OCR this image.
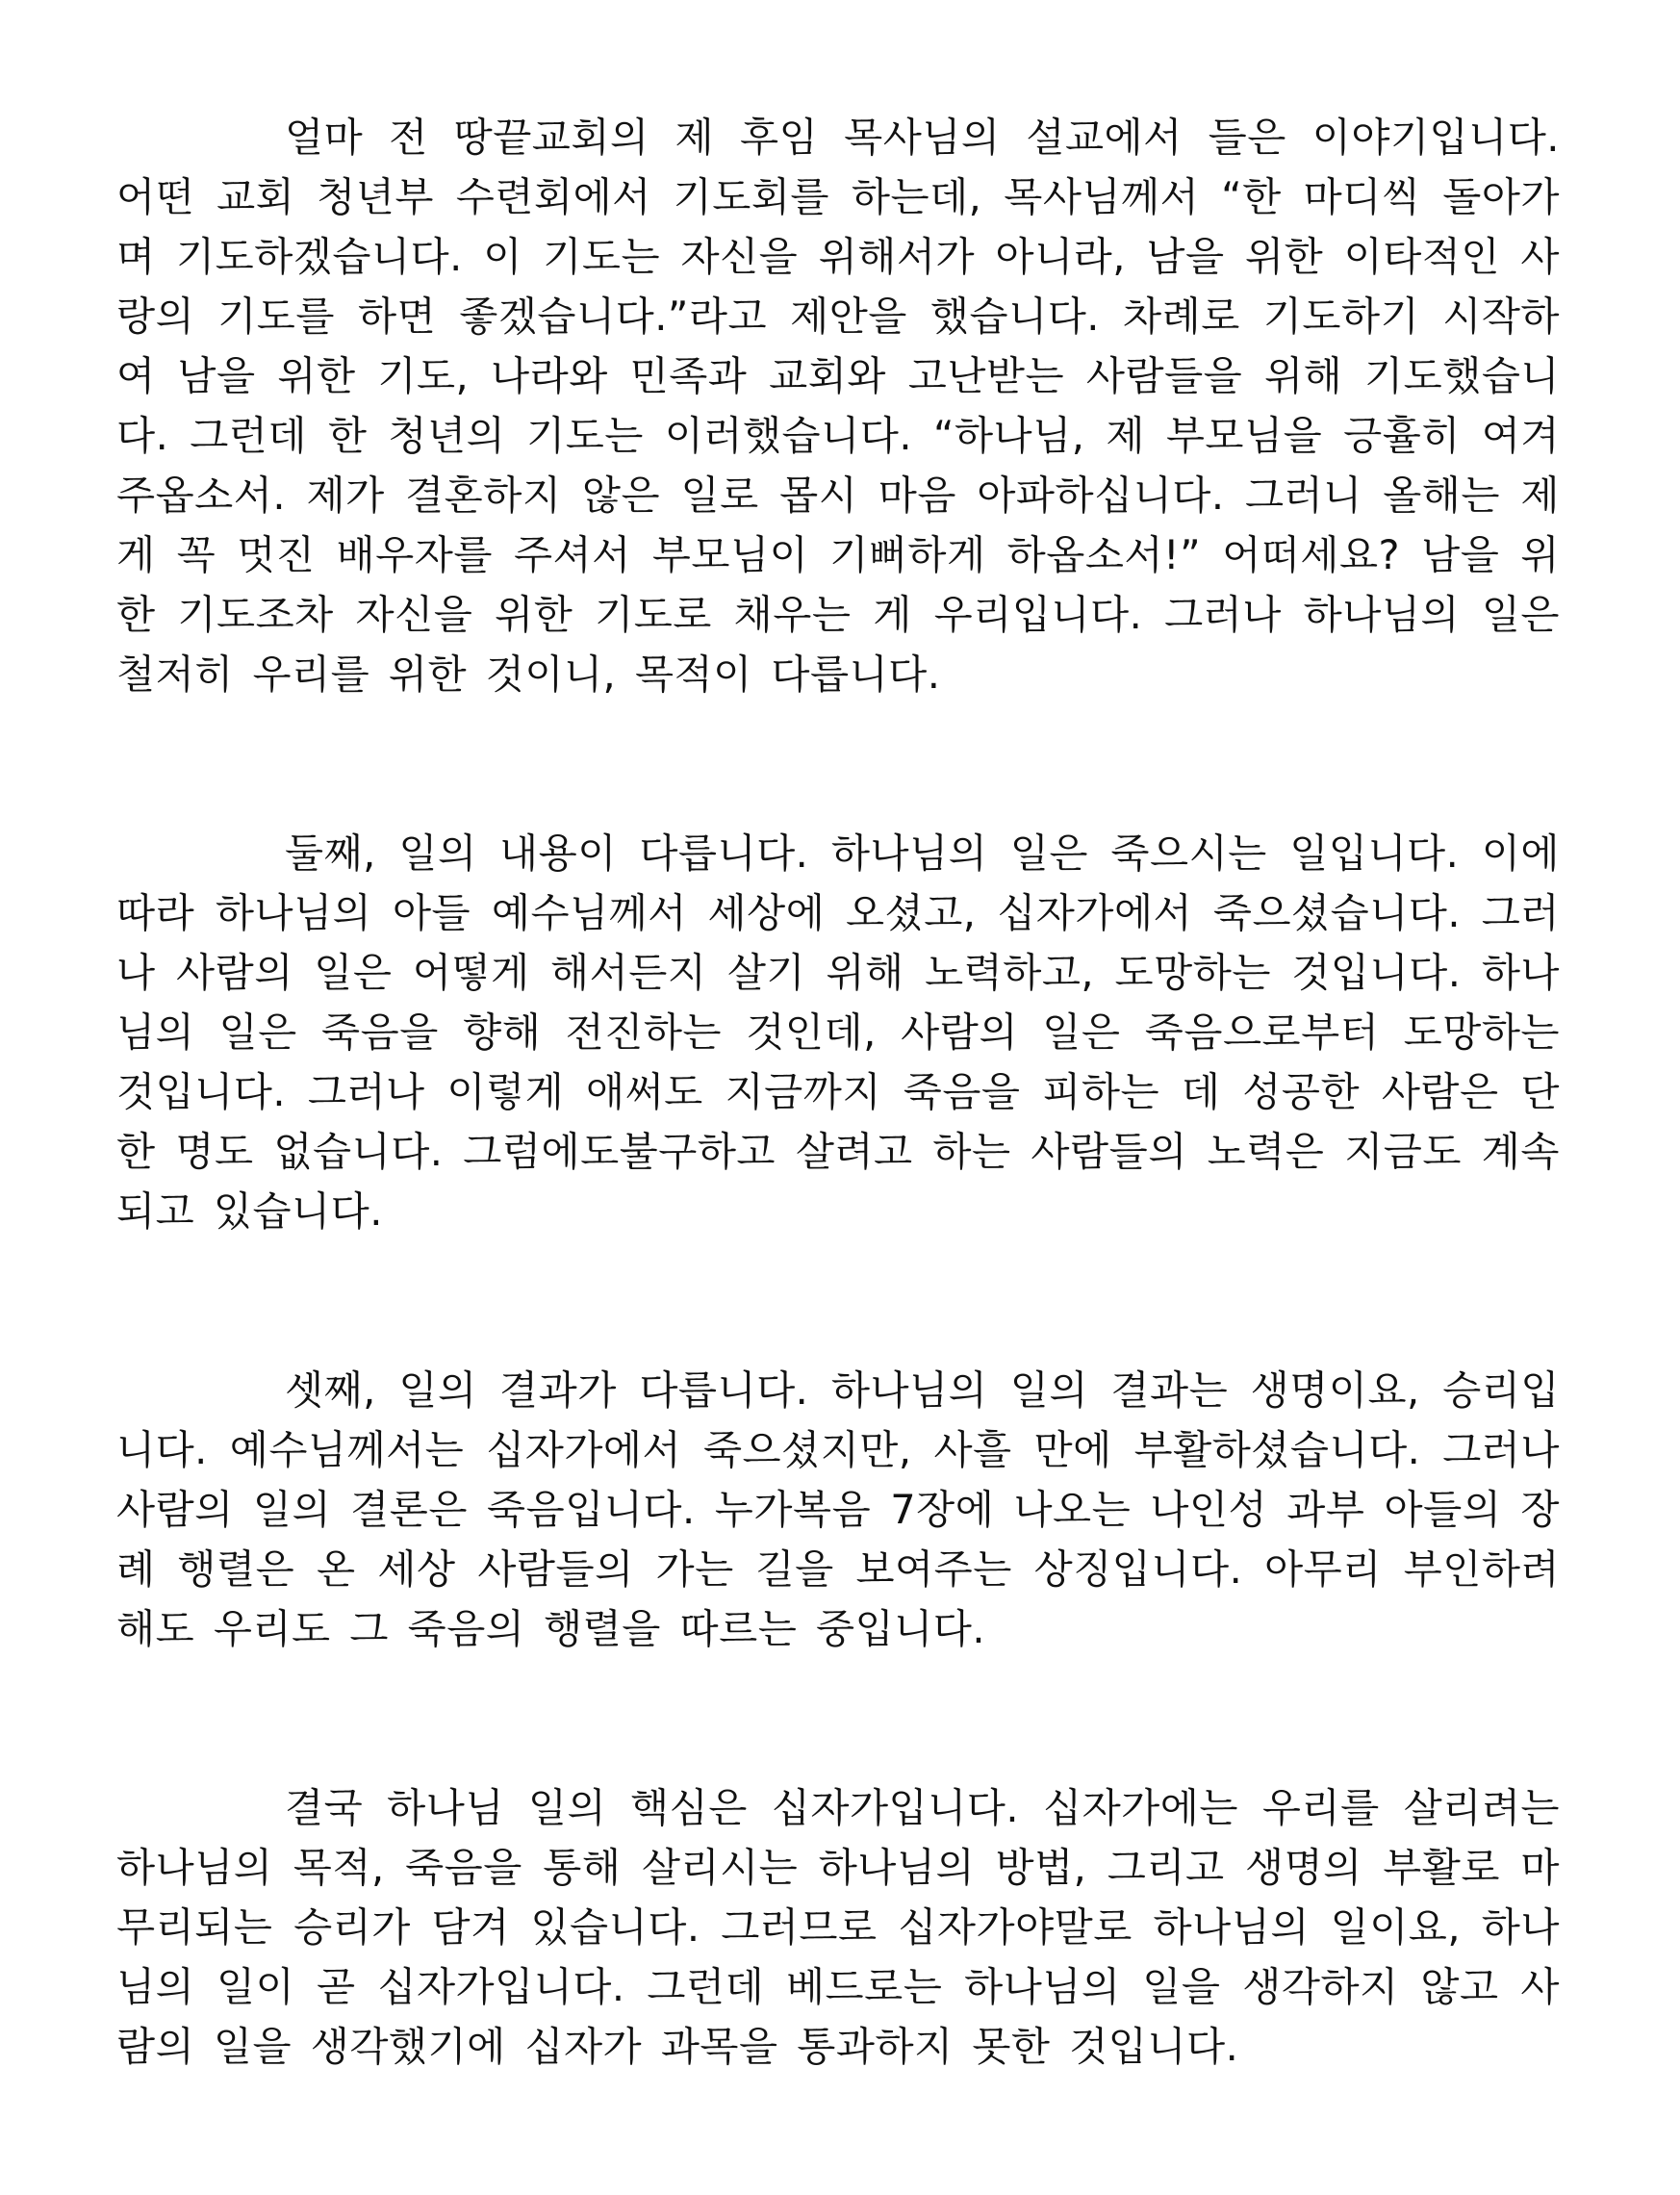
얼마 전 땅끝교회의 제 후임 목사님의 설교에서 들은 이야기입니다. 어떤 교회 청년부 수련회에서 기도회를 하는데, 목사님께서 “한 마디씩 돌아가며 기도하겠습니다. 이 기도는 자신을 위해서가 아니라, 남을 위한 이타적인 사랑의 기도를 하면 좋겠습니다.”라고 제안을 했습니다. 차례로 기도하기 시작하여 남을 위한 기도, 나라와 민족과 교회와 고난받는 사람들을 위해 기도했습니다. 그런데 한 청년의 기도는 이러했습니다. “하나님, 제 부모님을 긍휼히 여겨 주옵소서. 제가 결혼하지 않은 일로 몹시 마음 아파하십니다. 그러니 올해는 제게 꼭 멋진 배우자를 주셔서 부모님이 기뻐하게 하옵소서!” 어떠세요? 남을 위한 기도조차 자신을 위한 기도로 채우는 게 우리입니다. 그러나 하나님의 일은 철저히 우리를 위한 것이니, 목적이 다릅니다.

둘째, 일의 내용이 다릅니다. 하나님의 일은 죽으시는 일입니다. 이에 따라 하나님의 아들 예수님께서 세상에 오셨고, 십자가에서 죽으셨습니다. 그러나 사람의 일은 어떻게 해서든지 살기 위해 노력하고, 도망하는 것입니다. 하나님의 일은 죽음을 향해 전진하는 것인데, 사람의 일은 죽음으로부터 도망하는 것입니다. 그러나 이렇게 애써도 지금까지 죽음을 피하는 데 성공한 사람은 단 한 명도 없습니다. 그럼에도불구하고 살려고 하는 사람들의 노력은 지금도 계속되고 있습니다.

셋째, 일의 결과가 다릅니다. 하나님의 일의 결과는 생명이요, 승리입니다. 예수님께서는 십자가에서 죽으셨지만, 사흘 만에 부활하셨습니다. 그러나 사람의 일의 결론은 죽음입니다. 누가복음 7장에 나오는 나인성 과부 아들의 장례 행렬은 온 세상 사람들의 가는 길을 보여주는 상징입니다. 아무리 부인하려 해도 우리도 그 죽음의 행렬을 따르는 중입니다.

결국 하나님 일의 핵심은 십자가입니다. 십자가에는 우리를 살리려는 하나님의 목적, 죽음을 통해 살리시는 하나님의 방법, 그리고 생명의 부활로 마무리되는 승리가 담겨 있습니다. 그러므로 십자가야말로 하나님의 일이요, 하나님의 일이 곧 십자가입니다. 그런데 베드로는 하나님의 일을 생각하지 않고 사람의 일을 생각했기에 십자가 과목을 통과하지 못한 것입니다.
